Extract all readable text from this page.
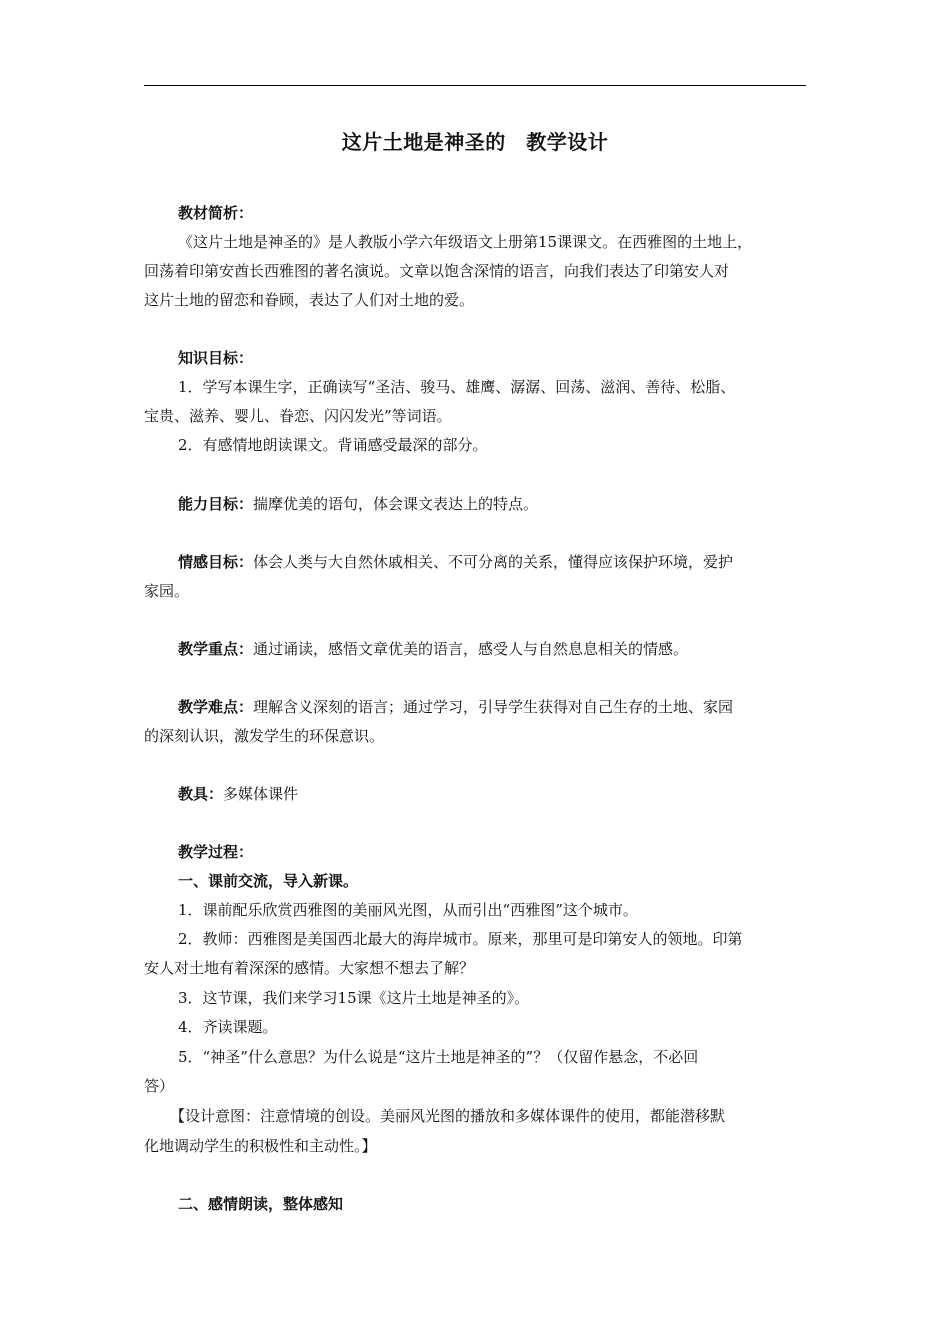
这片土地是神圣的　教学设计
教材简析：
《这片土地是神圣的》是人教版小学六年级语文上册第15课课文。在西雅图的土地上，
回荡着印第安酋长西雅图的著名演说。文章以饱含深情的语言，向我们表达了印第安人对
这片土地的留恋和眷顾，表达了人们对土地的爱。
知识目标：
1．学写本课生字，正确读写“圣洁、骏马、雄鹰、潺潺、回荡、滋润、善待、松脂、
宝贵、滋养、婴儿、眷恋、闪闪发光”等词语。
2．有感情地朗读课文。背诵感受最深的部分。
能力目标：揣摩优美的语句，体会课文表达上的特点。
情感目标：体会人类与大自然休戚相关、不可分离的关系，懂得应该保护环境，爱护
家园。
教学重点：通过诵读，感悟文章优美的语言，感受人与自然息息相关的情感。
教学难点：理解含义深刻的语言；通过学习，引导学生获得对自己生存的土地、家园
的深刻认识，激发学生的环保意识。
教具：多媒体课件
教学过程：
一、课前交流，导入新课。
1．课前配乐欣赏西雅图的美丽风光图，从而引出“西雅图”这个城市。
2．教师：西雅图是美国西北最大的海岸城市。原来，那里可是印第安人的领地。印第
安人对土地有着深深的感情。大家想不想去了解？
3．这节课，我们来学习15课《这片土地是神圣的》。
4．齐读课题。
5．“神圣”什么意思？为什么说是“这片土地是神圣的”？（仅留作悬念，不必回
答）
【设计意图：注意情境的创设。美丽风光图的播放和多媒体课件的使用，都能潜移默
化地调动学生的积极性和主动性。】
二、感情朗读，整体感知
